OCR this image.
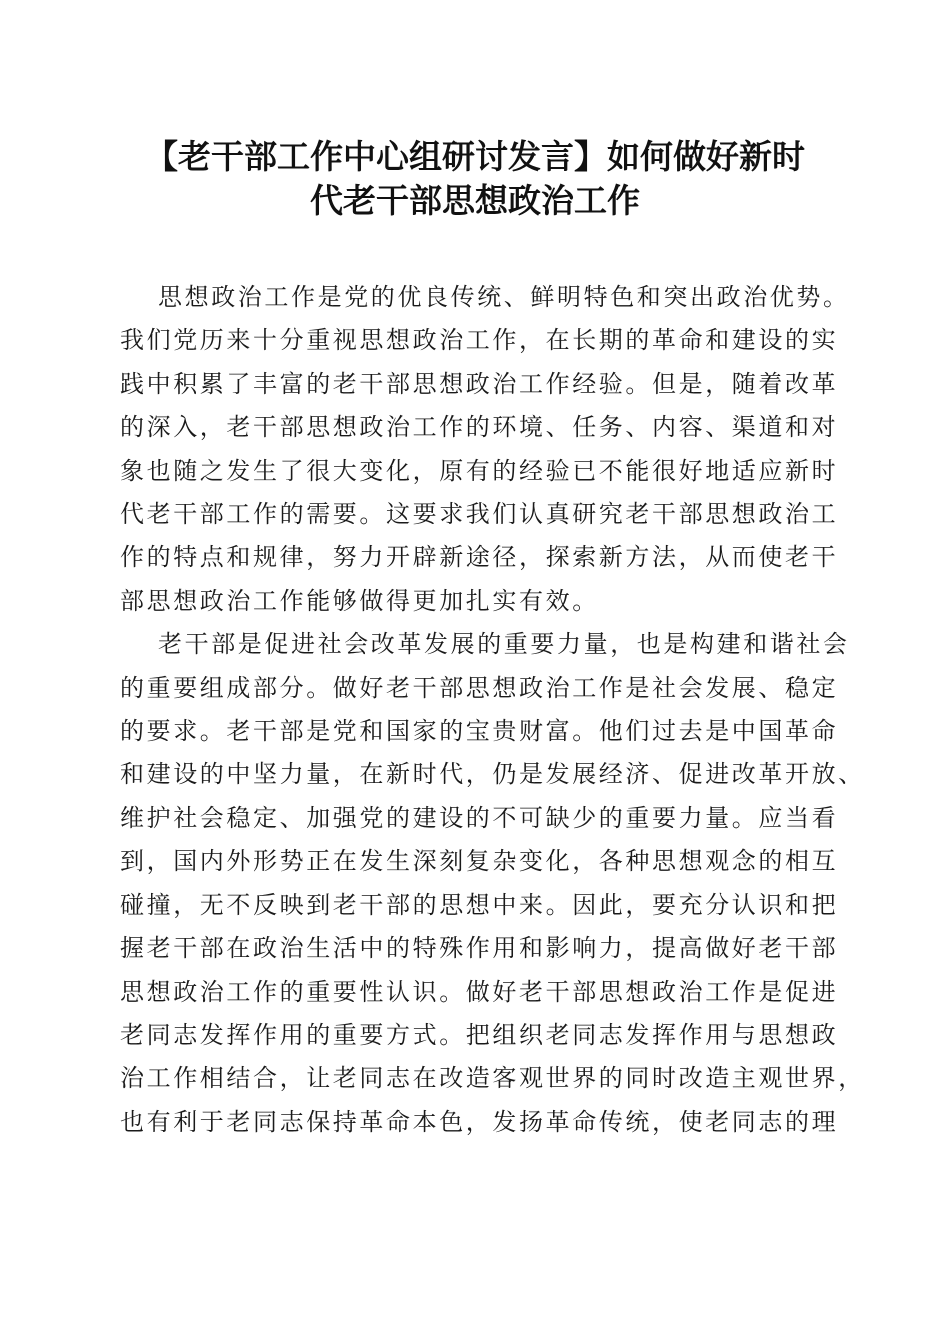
【老干部工作中心组研讨发言】如何做好新时
代老干部思想政治工作

思想政治工作是党的优良传统、鲜明特色和突出政治优势。
我们党历来十分重视思想政治工作，在长期的革命和建设的实
践中积累了丰富的老干部思想政治工作经验。但是，随着改革
的深入，老干部思想政治工作的环境、任务、内容、渠道和对
象也随之发生了很大变化，原有的经验已不能很好地适应新时
代老干部工作的需要。这要求我们认真研究老干部思想政治工
作的特点和规律，努力开辟新途径，探索新方法，从而使老干
部思想政治工作能够做得更加扎实有效。

老干部是促进社会改革发展的重要力量，也是构建和谐社会
的重要组成部分。做好老干部思想政治工作是社会发展、稳定
的要求。老干部是党和国家的宝贵财富。他们过去是中国革命
和建设的中坚力量，在新时代，仍是发展经济、促进改革开放、
维护社会稳定、加强党的建设的不可缺少的重要力量。应当看
到，国内外形势正在发生深刻复杂变化，各种思想观念的相互
碰撞，无不反映到老干部的思想中来。因此，要充分认识和把
握老干部在政治生活中的特殊作用和影响力，提高做好老干部
思想政治工作的重要性认识。做好老干部思想政治工作是促进
老同志发挥作用的重要方式。把组织老同志发挥作用与思想政
治工作相结合，让老同志在改造客观世界的同时改造主观世界，
也有利于老同志保持革命本色，发扬革命传统，使老同志的理
